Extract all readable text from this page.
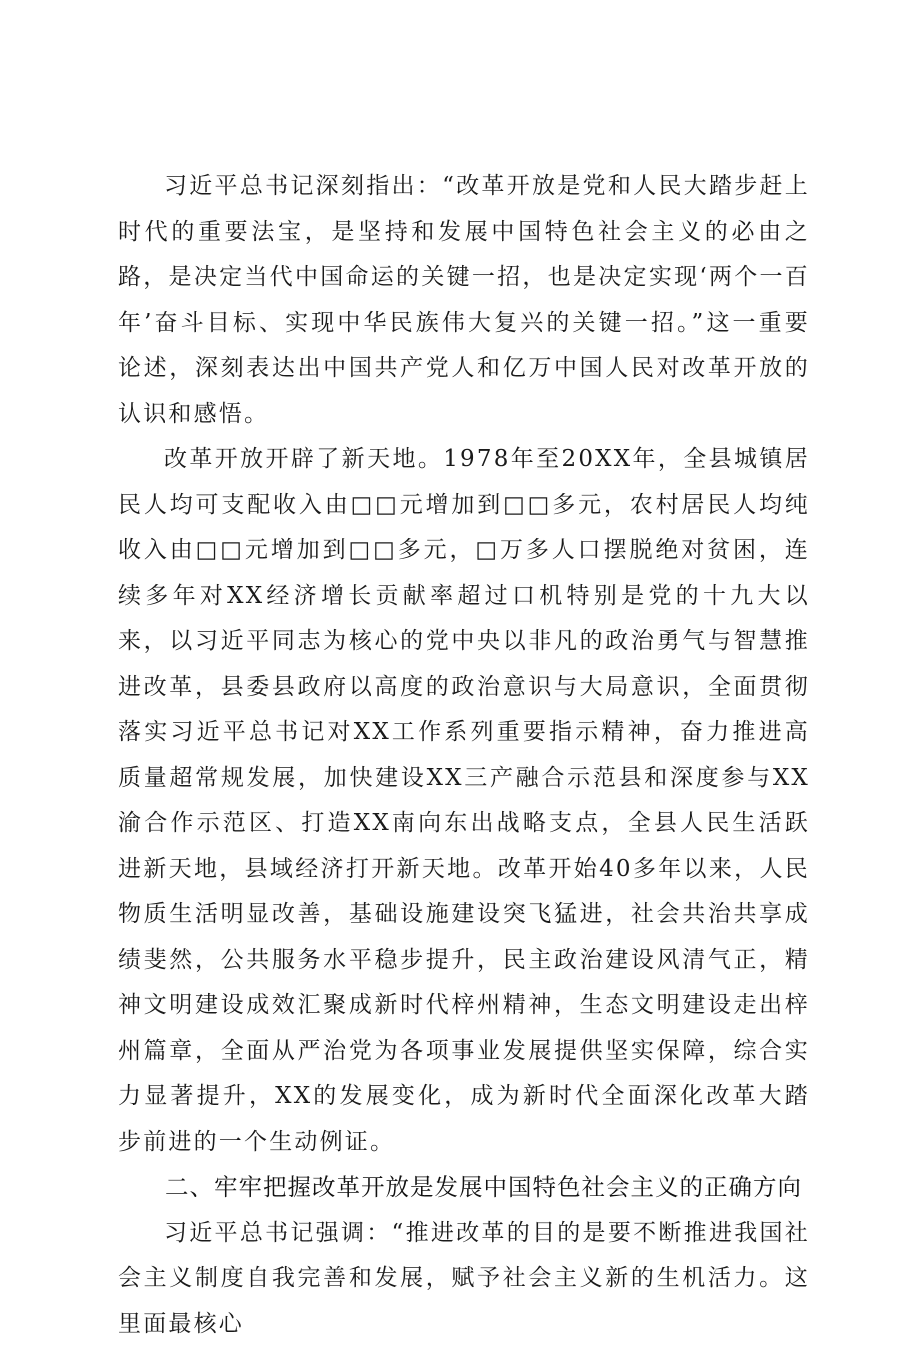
习近平总书记深刻指出：“改革开放是党和人民大踏步赶上时代的重要法宝，是坚持和发展中国特色社会主义的必由之路，是决定当代中国命运的关键一招，也是决定实现‘两个一百年’奋斗目标、实现中华民族伟大复兴的关键一招。”这一重要论述，深刻表达出中国共产党人和亿万中国人民对改革开放的认识和感悟。

改革开放开辟了新天地。1978年至20XX年，全县城镇居民人均可支配收入由□□元增加到□□多元，农村居民人均纯收入由□□元增加到□□多元，□万多人口摆脱绝对贫困，连续多年对XX经济增长贡献率超过口机特别是党的十九大以来，以习近平同志为核心的党中央以非凡的政治勇气与智慧推进改革，县委县政府以高度的政治意识与大局意识，全面贯彻落实习近平总书记对XX工作系列重要指示精神，奋力推进高质量超常规发展，加快建设XX三产融合示范县和深度参与XX渝合作示范区、打造XX南向东出战略支点，全县人民生活跃进新天地，县域经济打开新天地。改革开始40多年以来，人民物质生活明显改善，基础设施建设突飞猛进，社会共治共享成绩斐然，公共服务水平稳步提升，民主政治建设风清气正，精神文明建设成效汇聚成新时代梓州精神，生态文明建设走出梓州篇章，全面从严治党为各项事业发展提供坚实保障，综合实力显著提升，XX的发展变化，成为新时代全面深化改革大踏步前进的一个生动例证。

二、牢牢把握改革开放是发展中国特色社会主义的正确方向

习近平总书记强调：“推进改革的目的是要不断推进我国社会主义制度自我完善和发展，赋予社会主义新的生机活力。这里面最核心
